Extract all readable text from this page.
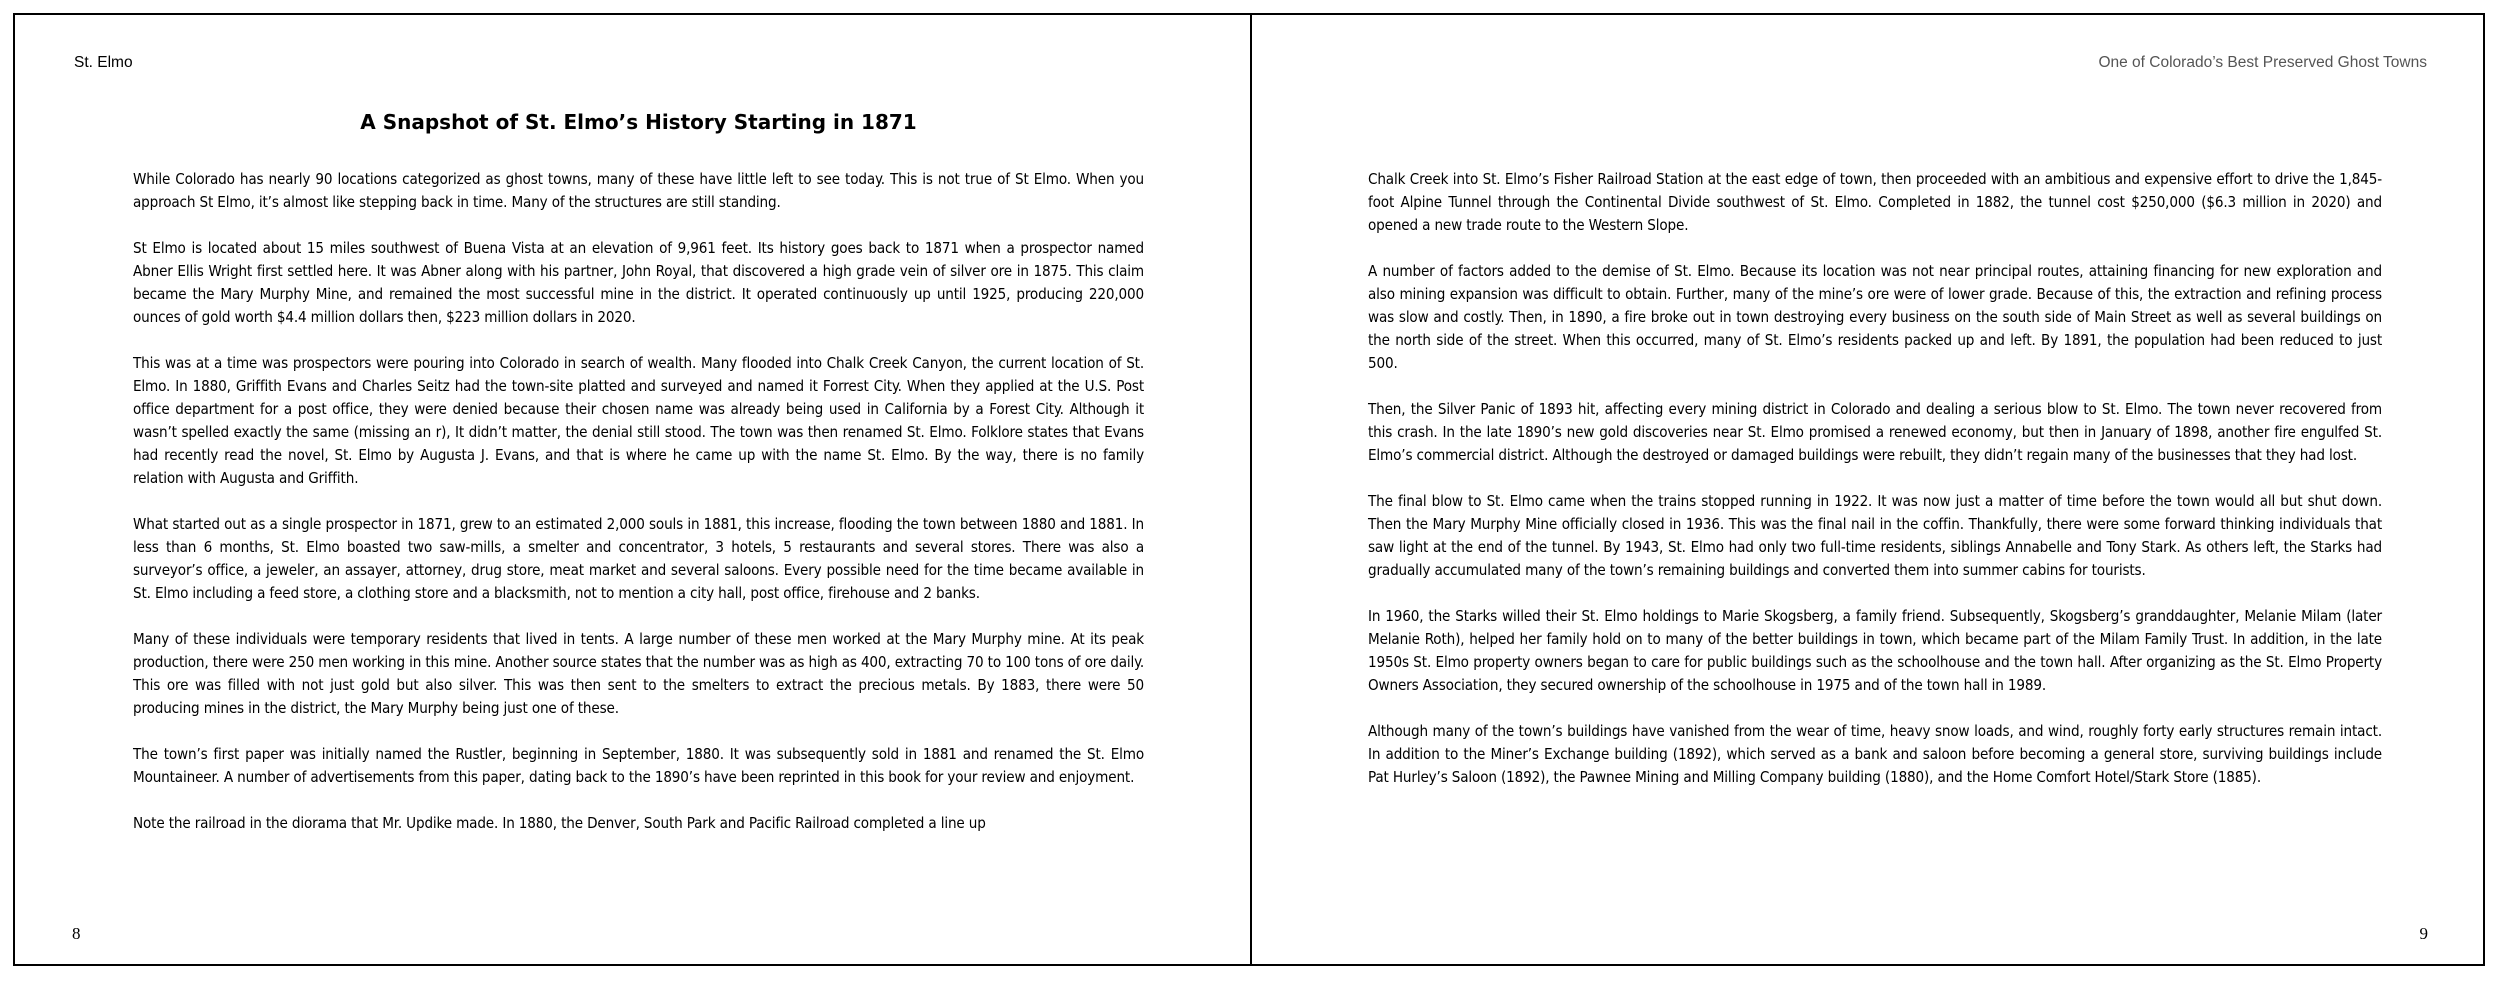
St. Elmo
A Snapshot of St. Elmo’s History Starting in 1871

While Colorado has nearly 90 locations categorized as ghost towns, many of these have little left to see today. This is not true of St Elmo. When you approach St Elmo, it’s almost like stepping back in time. Many of the structures are still standing.

St Elmo is located about 15 miles southwest of Buena Vista at an elevation of 9,961 feet. Its history goes back to 1871 when a prospector named Abner Ellis Wright first settled here. It was Abner along with his partner, John Royal, that discovered a high grade vein of silver ore in 1875. This claim became the Mary Murphy Mine, and remained the most successful mine in the district. It operated continuously up until 1925, producing 220,000 ounces of gold worth $4.4 million dollars then, $223 million dollars in 2020.

This was at a time was prospectors were pouring into Colorado in search of wealth. Many flooded into Chalk Creek Canyon, the current location of St. Elmo. In 1880, Griffith Evans and Charles Seitz had the town-site platted and surveyed and named it Forrest City. When they applied at the U.S. Post office department for a post office, they were denied because their chosen name was already being used in California by a Forest City. Although it wasn’t spelled exactly the same (missing an r), It didn’t matter, the denial still stood. The town was then renamed St. Elmo. Folklore states that Evans had recently read the novel, St. Elmo by Augusta J. Evans, and that is where he came up with the name St. Elmo. By the way, there is no family relation with Augusta and Griffith.

What started out as a single prospector in 1871, grew to an estimated 2,000 souls in 1881, this increase, flooding the town between 1880 and 1881. In less than 6 months, St. Elmo boasted two saw-mills, a smelter and concentrator, 3 hotels, 5 restaurants and several stores. There was also a surveyor’s office, a jeweler, an assayer, attorney, drug store, meat market and several saloons. Every possible need for the time became available in St. Elmo including a feed store, a clothing store and a blacksmith, not to mention a city hall, post office, firehouse and 2 banks.

Many of these individuals were temporary residents that lived in tents. A large number of these men worked at the Mary Murphy mine. At its peak production, there were 250 men working in this mine. Another source states that the number was as high as 400, extracting 70 to 100 tons of ore daily. This ore was filled with not just gold but also silver. This was then sent to the smelters to extract the precious metals. By 1883, there were 50 producing mines in the district, the Mary Murphy being just one of these.

The town’s first paper was initially named the Rustler, beginning in September, 1880. It was subsequently sold in 1881 and renamed the St. Elmo Mountaineer. A number of advertisements from this paper, dating back to the 1890’s have been reprinted in this book for your review and enjoyment.

Note the railroad in the diorama that Mr. Updike made. In 1880, the Denver, South Park and Pacific Railroad completed a line up

8
One of Colorado’s Best Preserved Ghost Towns

Chalk Creek into St. Elmo’s Fisher Railroad Station at the east edge of town, then proceeded with an ambitious and expensive effort to drive the 1,845-foot Alpine Tunnel through the Continental Divide southwest of St. Elmo. Completed in 1882, the tunnel cost $250,000 ($6.3 million in 2020) and opened a new trade route to the Western Slope.

A number of factors added to the demise of St. Elmo. Because its location was not near principal routes, attaining financing for new exploration and also mining expansion was difficult to obtain. Further, many of the mine’s ore were of lower grade. Because of this, the extraction and refining process was slow and costly. Then, in 1890, a fire broke out in town destroying every business on the south side of Main Street as well as several buildings on the north side of the street. When this occurred, many of St. Elmo’s residents packed up and left. By 1891, the population had been reduced to just 500.

Then, the Silver Panic of 1893 hit, affecting every mining district in Colorado and dealing a serious blow to St. Elmo. The town never recovered from this crash. In the late 1890’s new gold discoveries near St. Elmo promised a renewed economy, but then in January of 1898, another fire engulfed St. Elmo’s commercial district. Although the destroyed or damaged buildings were rebuilt, they didn’t regain many of the businesses that they had lost.

The final blow to St. Elmo came when the trains stopped running in 1922. It was now just a matter of time before the town would all but shut down. Then the Mary Murphy Mine officially closed in 1936. This was the final nail in the coffin. Thankfully, there were some forward thinking individuals that saw light at the end of the tunnel. By 1943, St. Elmo had only two full-time residents, siblings Annabelle and Tony Stark. As others left, the Starks had gradually accumulated many of the town’s remaining buildings and converted them into summer cabins for tourists.

In 1960, the Starks willed their St. Elmo holdings to Marie Skogsberg, a family friend. Subsequently, Skogsberg’s granddaughter, Melanie Milam (later Melanie Roth), helped her family hold on to many of the better buildings in town, which became part of the Milam Family Trust. In addition, in the late 1950s St. Elmo property owners began to care for public buildings such as the schoolhouse and the town hall. After organizing as the St. Elmo Property Owners Association, they secured ownership of the schoolhouse in 1975 and of the town hall in 1989.

Although many of the town’s buildings have vanished from the wear of time, heavy snow loads, and wind, roughly forty early structures remain intact. In addition to the Miner’s Exchange building (1892), which served as a bank and saloon before becoming a general store, surviving buildings include Pat Hurley’s Saloon (1892), the Pawnee Mining and Milling Company building (1880), and the Home Comfort Hotel/Stark Store (1885).

9
